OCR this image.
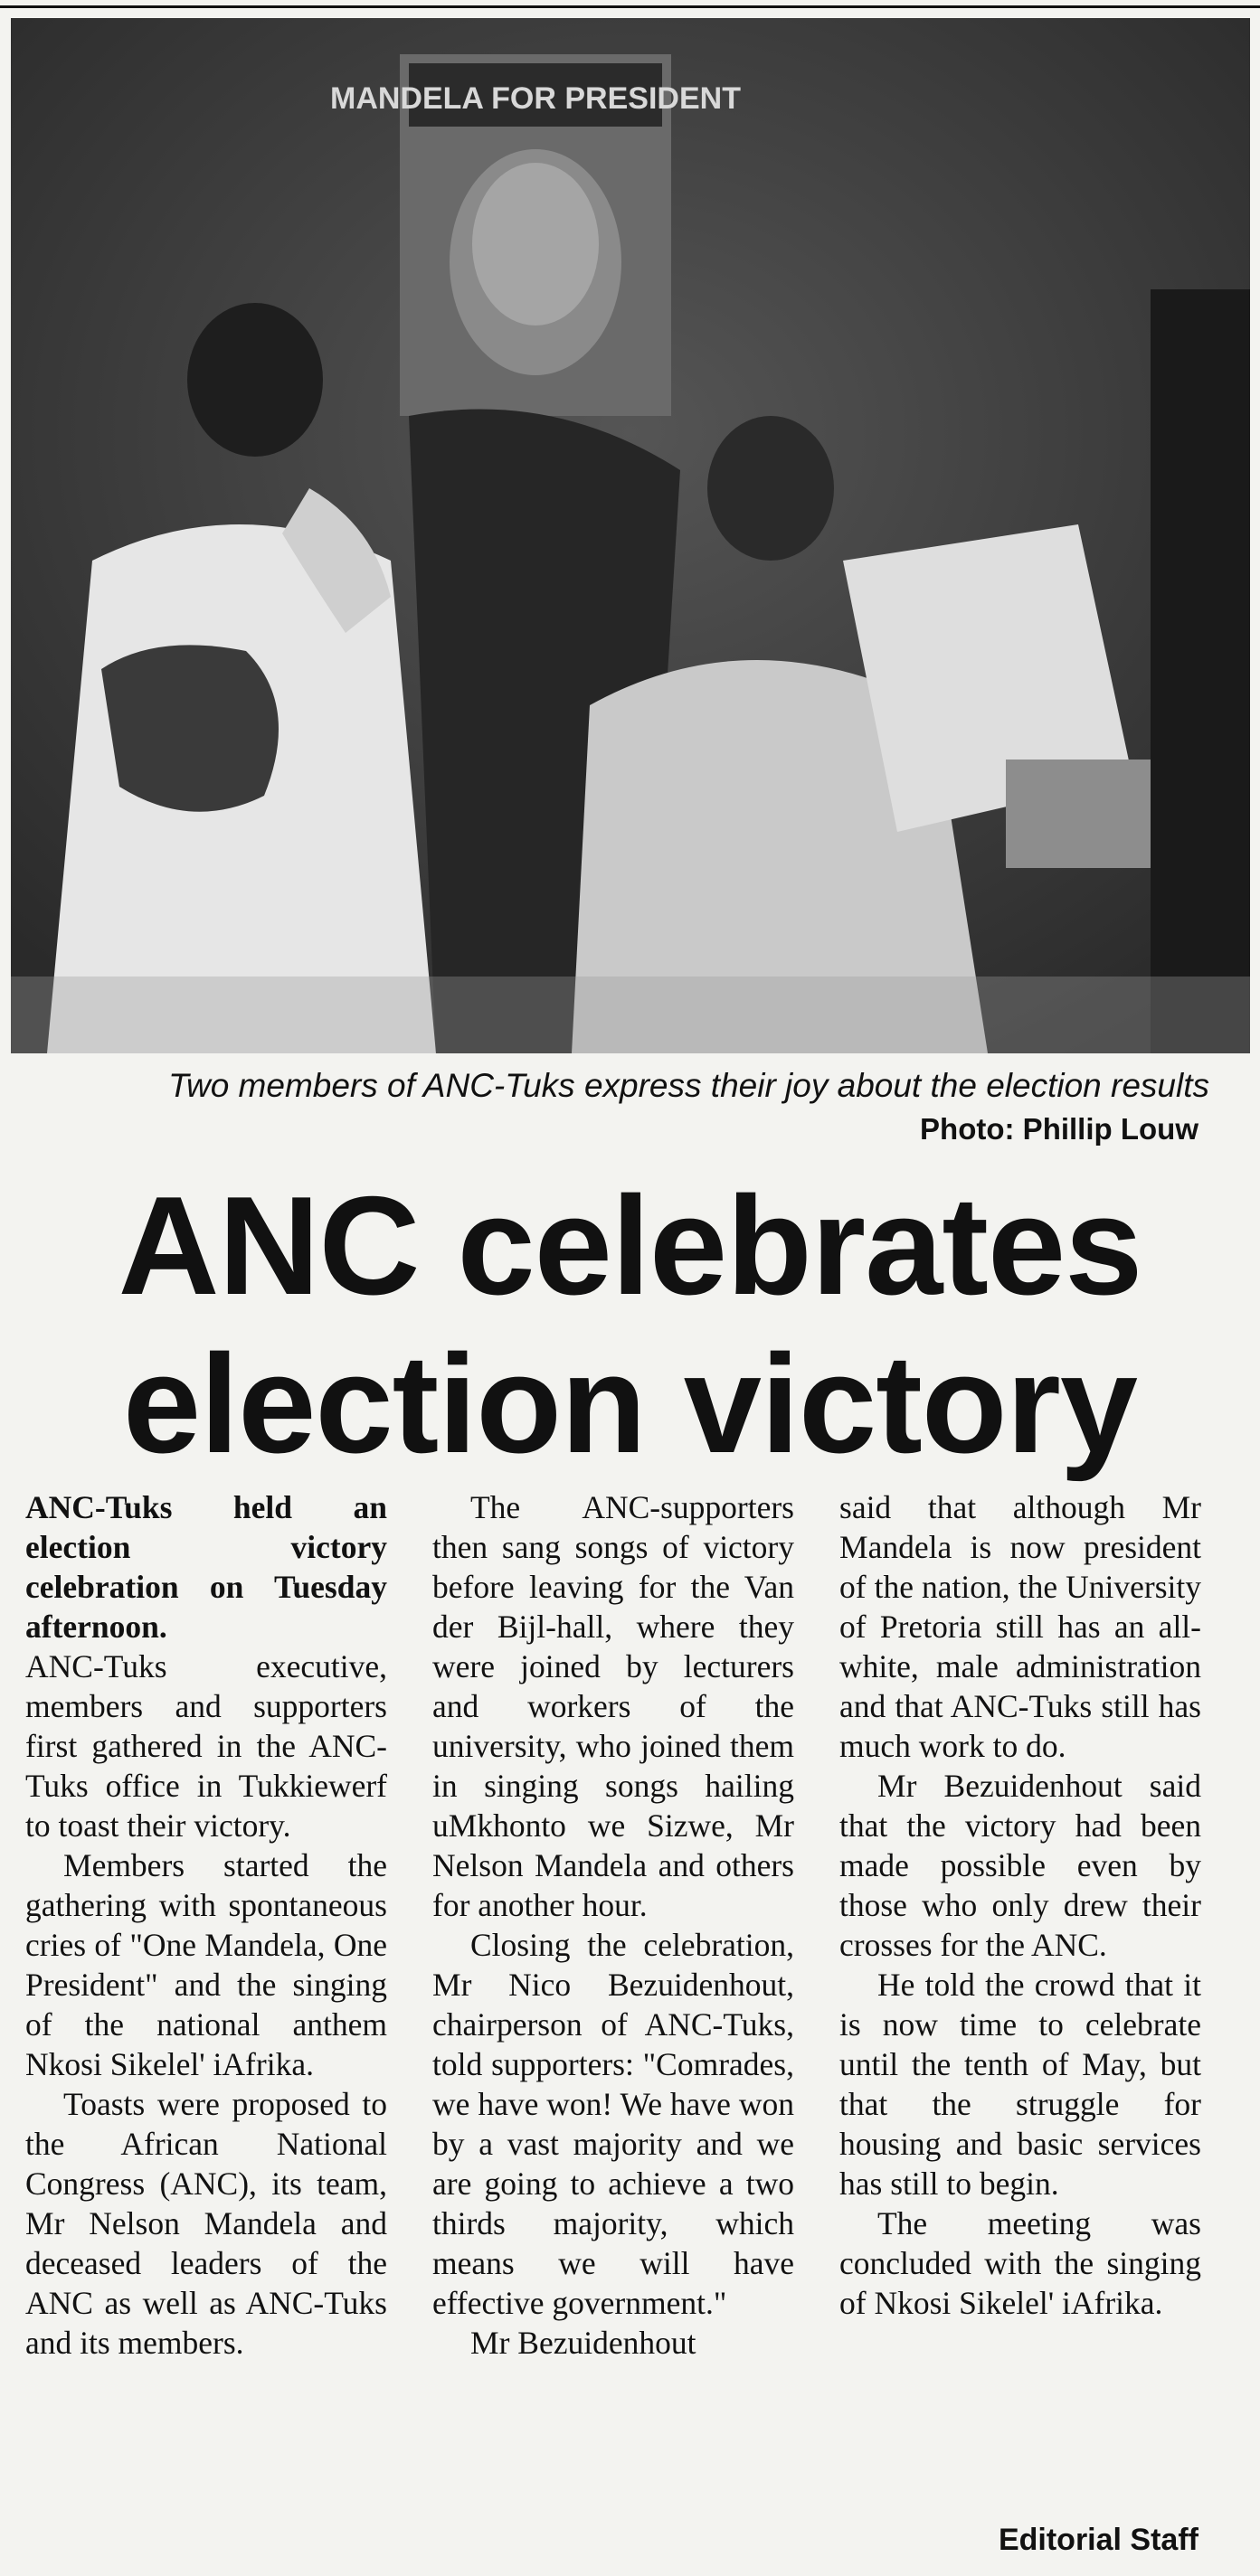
MANDELA FOR PRESIDENT
Two members of ANC-Tuks express their joy about the election results
Photo: Phillip Louw
ANC celebrates
election victory

ANC-Tuks held an election victory celebration on Tuesday afternoon.

ANC-Tuks executive, members and supporters first gathered in the ANC-Tuks office in Tukkiewerf to toast their victory.

Members started the gathering with spontaneous cries of "One Mandela, One President" and the singing of the national anthem Nkosi Sikelel' iAfrika.

Toasts were proposed to the African National Congress (ANC), its team, Mr Nelson Mandela and deceased leaders of the ANC as well as ANC-Tuks and its members.

The ANC-supporters then sang songs of victory before leaving for the Van der Bijl-hall, where they were joined by lecturers and workers of the university, who joined them in singing songs hailing uMkhonto we Sizwe, Mr Nelson Mandela and others for another hour.

Closing the celebration, Mr Nico Bezuidenhout, chairperson of ANC-Tuks, told supporters: "Comrades, we have won! We have won by a vast majority and we are going to achieve a two thirds majority, which means we will have effective government."

Mr Bezuidenhout

said that although Mr Mandela is now president of the nation, the University of Pretoria still has an all-white, male administration and that ANC-Tuks still has much work to do.

Mr Bezuidenhout said that the victory had been made possible even by those who only drew their crosses for the ANC.

He told the crowd that it is now time to celebrate until the tenth of May, but that the struggle for housing and basic services has still to begin.

The meeting was concluded with the singing of Nkosi Sikelel' iAfrika.

Editorial Staff
